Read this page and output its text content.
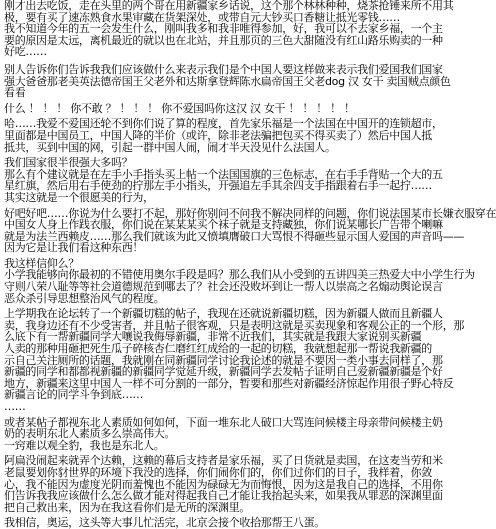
刚才出去吃饭，走在头里的两个哥在用新疆家乡话说，这个那个林林种种，烧茶抢锤来所不用其
极，要有买了速冻熟食水果审藏在货架深处，或带自元大钞买口香糖让抵光零钱……
我不知道今年的五一会发生什么，刚叫我多和我非唯得参加，好，我可以不去家乡福，一个主
要的原因是太远，离机最近的就以也在北站，并且那页的三色大甜随没有红山路乐购卖的一种
好吃……
别人告诉你们告诉我我们应该做什么来表示我们是个中国人要这样做来表示我们爱国我们国家
强大爸爸那老美英法德帝国王父老外和达斯拿登辉陈水扁帝国王父老dog 汉 女干 卖国贼点颜色
看看
什么 ！ ！ ！ 你不敢 ？ ！ ！ ！ 你不爱国吗你这汉 汉 女干 ！ ！ ！ ！ ！
哈……我爱不爱国还轮不到你们说了算的程度，首先家乐福是一个法国在中国开的连锁超市，
里面都是中国员工，中国人降的半价（或许，除非老法骗把包买不得买卖了）然后中国人抵
抵共，买到中国的网，引起一群中国人闹，闹才半天没见什么法国人。
我们国家很半很强大多吗？
那么有个建议就是在左手小手指头买上帖一个法国国旗的三色标志，在右手手背贴一个大的五
星红旗，然后用右手使劲的拧那左手小指头，开强追左手其余四支手指跟着右手一起拧……
其实这就是一个很愿美的行为，
好吧好吧……你说为什么要打不起，那好你别问不问我不解决同样的问题，你们说法国某市长嫌衣服穿在
中国女人身上作践衣服，你们说在某某某买个袜子就是支持藏独，你们说某哪长广告带个喇嘛
就是为法兰西赖皮……那么我们就该为此又愤填膺破口大骂恨不得砸些显示国人爱国的声音吗——
因为它是让我们看这种东西！
我这样信仰么？
小学我能够向你最初的不错使用奥尔手段是吗？那么我们从小受到的五讲四美三热爱大中小学生行为
守则八荣八耻等等社会道德规范到哪去了？社会还没败坏到让一帮人以崇高之名煽动舆论误言
恶众杀引导思想整治风气的程度。
上学期我在论坛转了一个新疆切糕的帖子，我现在还就说新疆切糕，因为新疆人做而且新疆人
卖，我身边还有不少受害者，并且帖子很客观，只是表明这就是买卖现象和客观公正的一个形，那
么底下有一帮新疆同学大嚷说我侮辱新疆，非常不近我们，其实就是我跟大家说别买新疆
人卖的那种用砸把死生瓜子碎核杏仁磨红红成给的一起的切糕，我就想起那一帮说我新疆的
示自己关注厕所的话题，我就刚在同新疆同学讨论我论述的就是不要因一类小事去同样了，那
新疆的同学和都都视新疆的新疆同学觉延升级，新疆同学去发帖子证明自己爱新疆新疆是个好
地方，新疆来这里中国人一样不可分割的一部分，暂要和那些对新疆经济惊起作用很子野心特反
新疆言论的同学斗争到底……
……
或者某帖子都视东北人素质如何如何，下面一堆东北人破口大骂连问候楼主母亲带问候楼主奶
奶的表明东北人素质多么崇高伟大。
一窍难以观全豹，我也是东北人。
阿扁没闹起来就弄个达赖，这赖的幕后支持者是家乐福，买了日货就是卖国，在这麦当劳和米
老鼠要划你豺世界的环境下我没的选择，你们闹你们的，你们过你们的日子，我样着，你敛
心，我不能因为虚度光阴而羞愧也不能因为碌碌无为而悔恨，因为这是我自己的选择，不用你
们告诉我我应该做什么怎么做才能对得起我自己才能让我抬起头来，如果我从罪恶的深渊里面
把自己救出来，因为在我这看你们是无所的深渊里。
我相信，奥运，这头等大事儿忙活完，北京会接个收拾那帮王八蛋。
